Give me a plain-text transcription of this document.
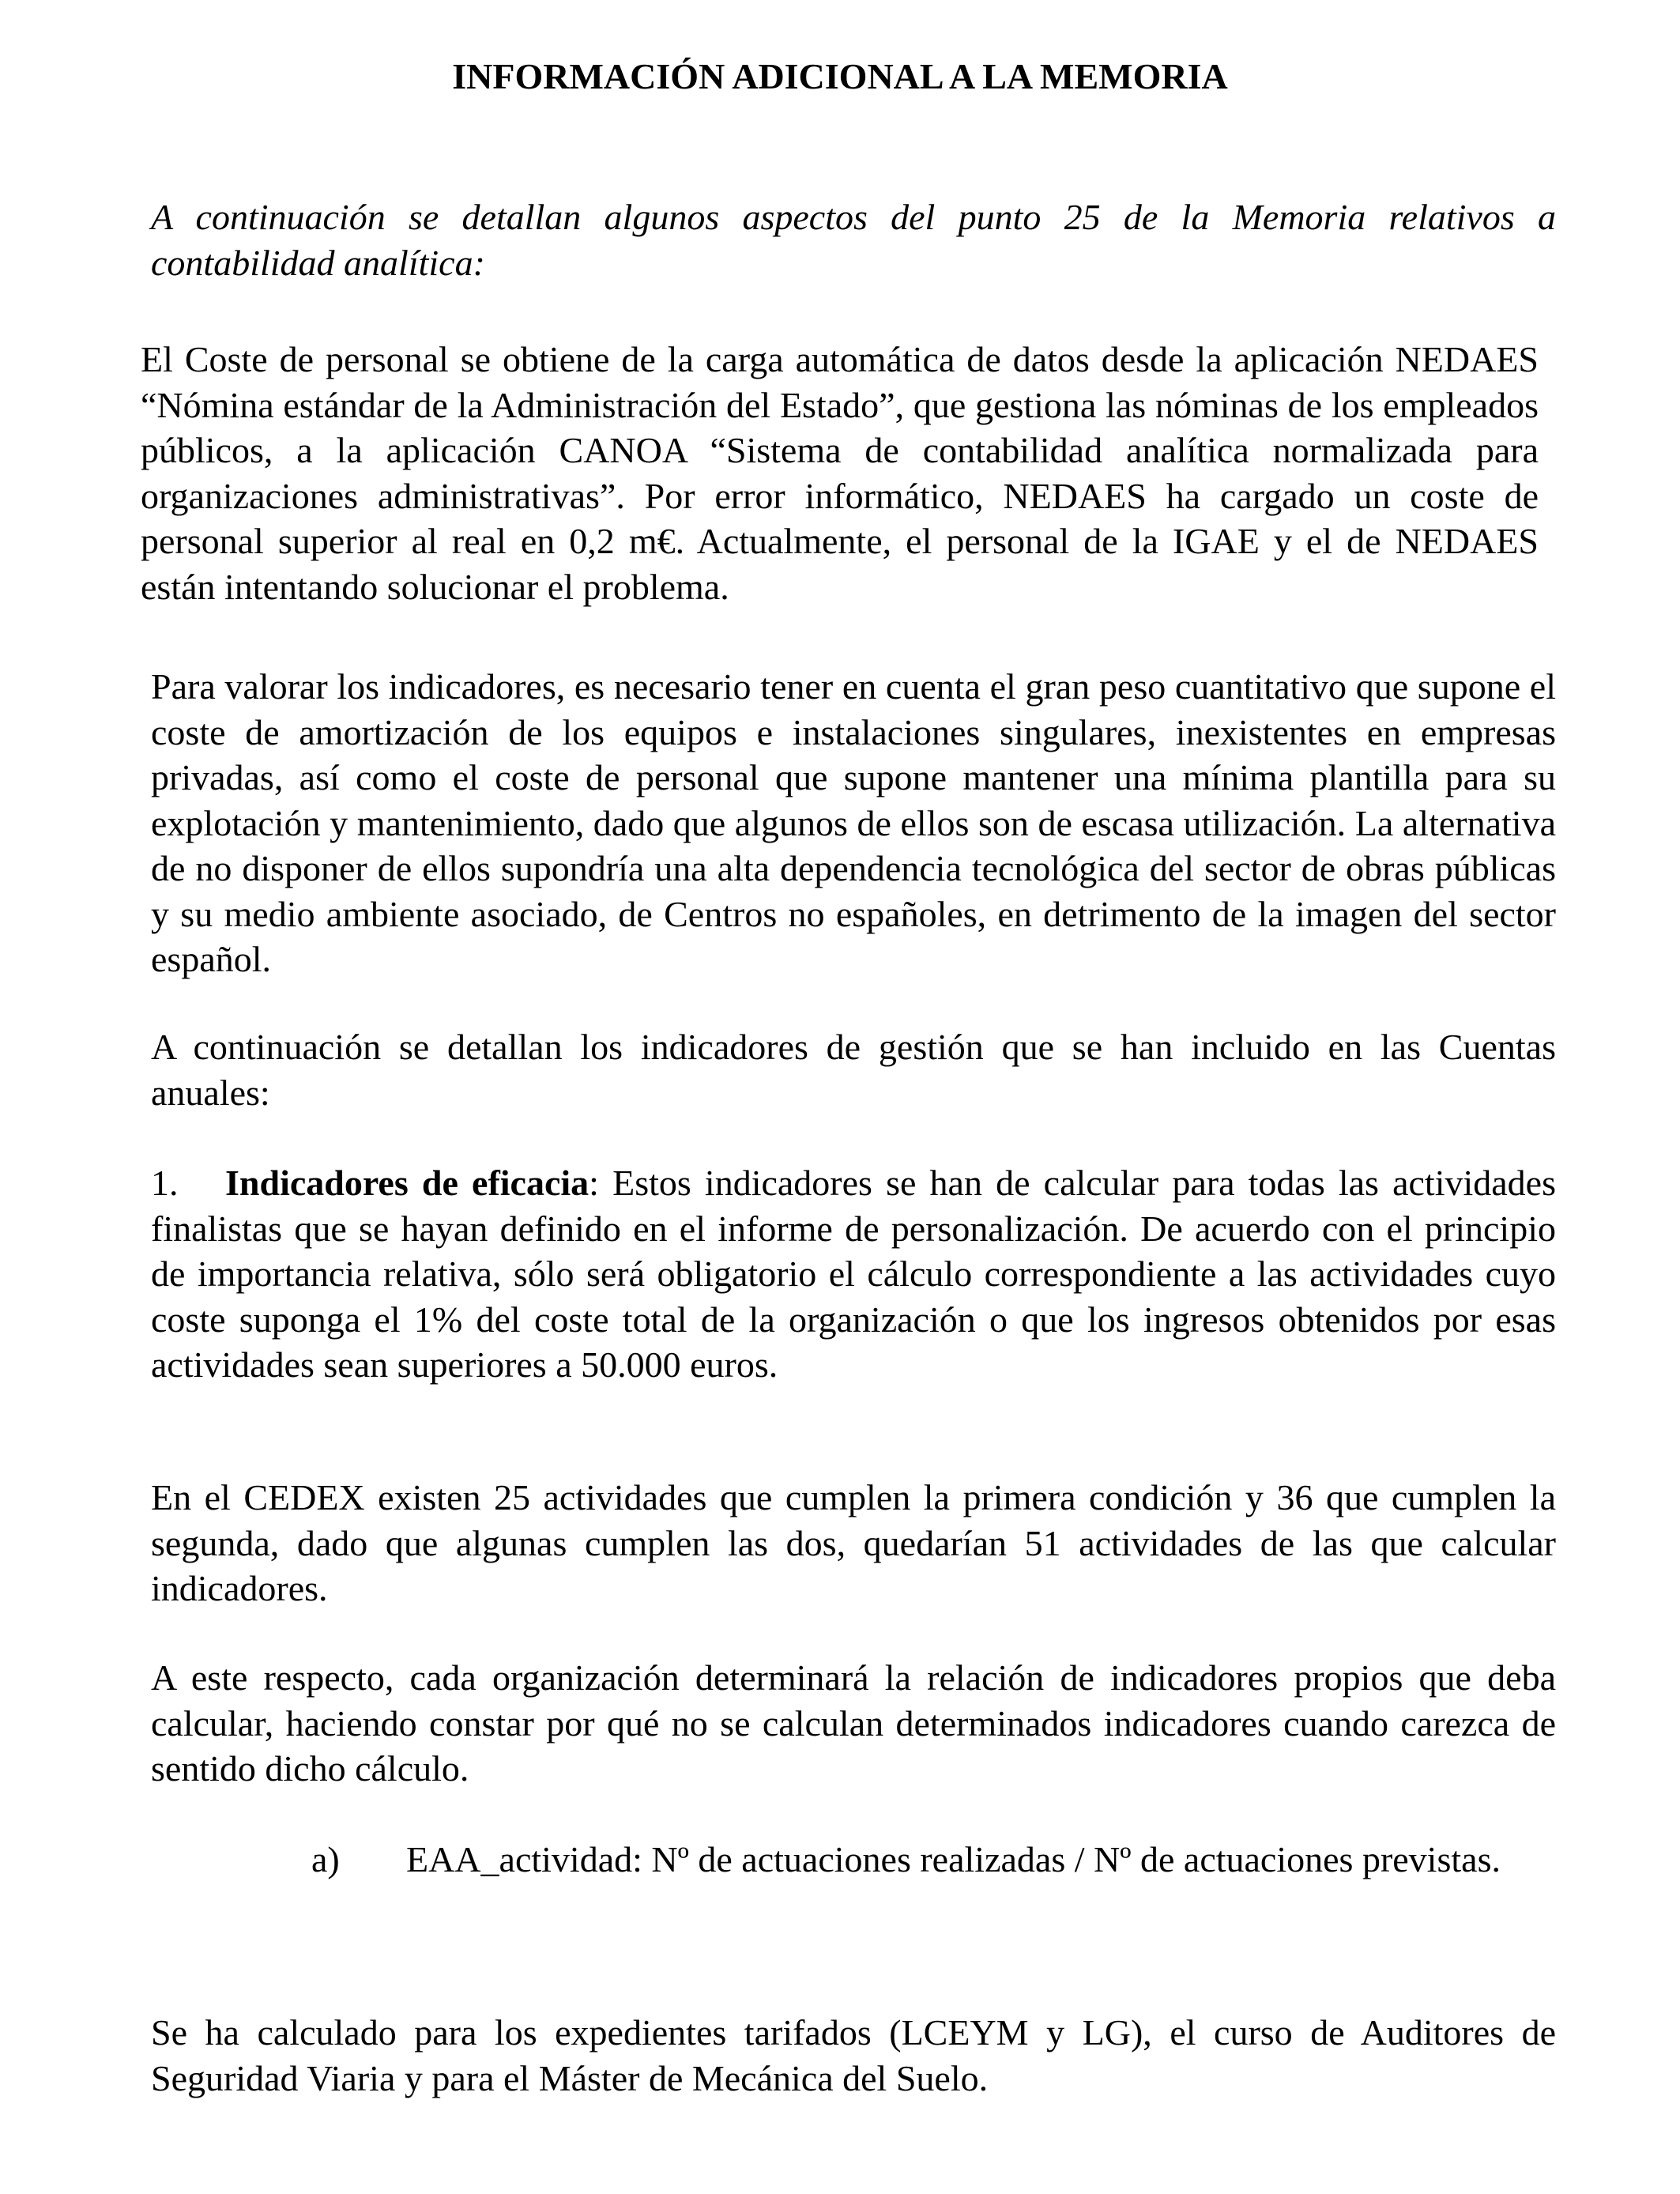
INFORMACIÓN ADICIONAL A LA MEMORIA

A continuación se detallan algunos aspectos del punto 25 de la Memoria relativos a contabilidad analítica:

El Coste de personal se obtiene de la carga automática de datos desde la aplicación NEDAES “Nómina estándar de la Administración del Estado”, que gestiona las nóminas de los empleados públicos, a la aplicación CANOA “Sistema de contabilidad analítica normalizada para organizaciones administrativas”. Por error informático, NEDAES ha cargado un coste de personal superior al real en 0,2 m€. Actualmente, el personal de la IGAE y el de NEDAES están intentando solucionar el problema.

Para valorar los indicadores, es necesario tener en cuenta el gran peso cuantitativo que supone el coste de amortización de los equipos e instalaciones singulares, inexistentes en empresas privadas, así como el coste de personal que supone mantener una mínima plantilla para su explotación y mantenimiento, dado que algunos de ellos son de escasa utilización. La alternativa de no disponer de ellos supondría una alta dependencia tecnológica del sector de obras públicas y su medio ambiente asociado, de Centros no españoles, en detrimento de la imagen del sector español.

A continuación se detallan los indicadores de gestión que se han incluido en las Cuentas anuales:

1. Indicadores de eficacia: Estos indicadores se han de calcular para todas las actividades finalistas que se hayan definido en el informe de personalización. De acuerdo con el principio de importancia relativa, sólo será obligatorio el cálculo correspondiente a las actividades cuyo coste suponga el 1% del coste total de la organización o que los ingresos obtenidos por esas actividades sean superiores a 50.000 euros.

En el CEDEX existen 25 actividades que cumplen la primera condición y 36 que cumplen la segunda, dado que algunas cumplen las dos, quedarían 51 actividades de las que calcular indicadores.

A este respecto, cada organización determinará la relación de indicadores propios que deba calcular, haciendo constar por qué no se calculan determinados indicadores cuando carezca de sentido dicho cálculo.

a) EAA_actividad: Nº de actuaciones realizadas / Nº de actuaciones previstas.

Se ha calculado para los expedientes tarifados (LCEYM y LG), el curso de Auditores de Seguridad Viaria y para el Máster de Mecánica del Suelo.
